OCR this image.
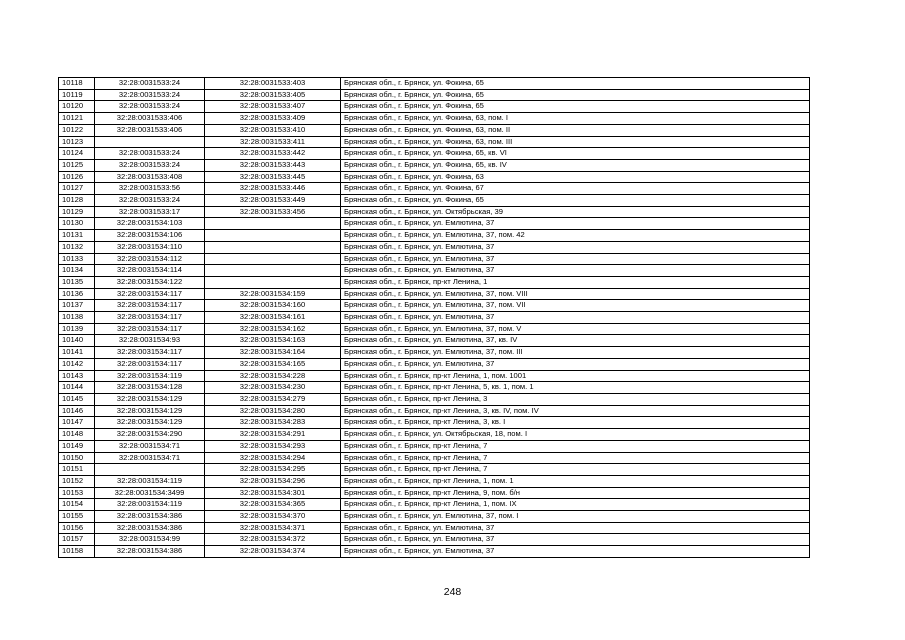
10118	32:28:0031533:24	32:28:0031533:403	Брянская обл., г. Брянск, ул. Фокина, 65
10119	32:28:0031533:24	32:28:0031533:405	Брянская обл., г. Брянск, ул. Фокина, 65
10120	32:28:0031533:24	32:28:0031533:407	Брянская обл., г. Брянск, ул. Фокина, 65
10121	32:28:0031533:406	32:28:0031533:409	Брянская обл., г. Брянск, ул. Фокина, 63, пом. I
10122	32:28:0031533:406	32:28:0031533:410	Брянская обл., г. Брянск, ул. Фокина, 63, пом. II
10123		32:28:0031533:411	Брянская обл., г. Брянск, ул. Фокина, 63, пом. III
10124	32:28:0031533:24	32:28:0031533:442	Брянская обл., г. Брянск, ул. Фокина, 65, кв. VI
10125	32:28:0031533:24	32:28:0031533:443	Брянская обл., г. Брянск, ул. Фокина, 65, кв. IV
10126	32:28:0031533:408	32:28:0031533:445	Брянская обл., г. Брянск, ул. Фокина, 63
10127	32:28:0031533:56	32:28:0031533:446	Брянская обл., г. Брянск, ул. Фокина, 67
10128	32:28:0031533:24	32:28:0031533:449	Брянская обл., г. Брянск, ул. Фокина, 65
10129	32:28:0031533:17	32:28:0031533:456	Брянская обл., г. Брянск, ул. Октябрьская, 39
10130	32:28:0031534:103		Брянская обл., г. Брянск, ул. Емлютина, 37
10131	32:28:0031534:106		Брянская обл., г. Брянск, ул. Емлютина, 37, пом. 42
10132	32:28:0031534:110		Брянская обл., г. Брянск, ул. Емлютина, 37
10133	32:28:0031534:112		Брянская обл., г. Брянск, ул. Емлютина, 37
10134	32:28:0031534:114		Брянская обл., г. Брянск, ул. Емлютина, 37
10135	32:28:0031534:122		Брянская обл., г. Брянск, пр-кт Ленина, 1
10136	32:28:0031534:117	32:28:0031534:159	Брянская обл., г. Брянск, ул. Емлютина, 37, пом. VIII
10137	32:28:0031534:117	32:28:0031534:160	Брянская обл., г. Брянск, ул. Емлютина, 37, пом. VII
10138	32:28:0031534:117	32:28:0031534:161	Брянская обл., г. Брянск, ул. Емлютина, 37
10139	32:28:0031534:117	32:28:0031534:162	Брянская обл., г. Брянск, ул. Емлютина, 37, пом. V
10140	32:28:0031534:93	32:28:0031534:163	Брянская обл., г. Брянск, ул. Емлютина, 37, кв. IV
10141	32:28:0031534:117	32:28:0031534:164	Брянская обл., г. Брянск, ул. Емлютина, 37, пом. III
10142	32:28:0031534:117	32:28:0031534:165	Брянская обл., г. Брянск, ул. Емлютина, 37
10143	32:28:0031534:119	32:28:0031534:228	Брянская обл., г. Брянск, пр-кт Ленина, 1, пом. 1001
10144	32:28:0031534:128	32:28:0031534:230	Брянская обл., г. Брянск, пр-кт Ленина, 5, кв. 1, пом. 1
10145	32:28:0031534:129	32:28:0031534:279	Брянская обл., г. Брянск, пр-кт Ленина, 3
10146	32:28:0031534:129	32:28:0031534:280	Брянская обл., г. Брянск, пр-кт Ленина, 3, кв. IV, пом. IV
10147	32:28:0031534:129	32:28:0031534:283	Брянская обл., г. Брянск, пр-кт Ленина, 3, кв. I
10148	32:28:0031534:290	32:28:0031534:291	Брянская обл., г. Брянск, ул. Октябрьская, 18, пом. I
10149	32:28:0031534:71	32:28:0031534:293	Брянская обл., г. Брянск, пр-кт Ленина, 7
10150	32:28:0031534:71	32:28:0031534:294	Брянская обл., г. Брянск, пр-кт Ленина, 7
10151		32:28:0031534:295	Брянская обл., г. Брянск, пр-кт Ленина, 7
10152	32:28:0031534:119	32:28:0031534:296	Брянская обл., г. Брянск, пр-кт Ленина, 1, пом. 1
10153	32:28:0031534:3499	32:28:0031534:301	Брянская обл., г. Брянск, пр-кт Ленина, 9, пом. б/н
10154	32:28:0031534:119	32:28:0031534:365	Брянская обл., г. Брянск, пр-кт Ленина, 1, пом. IX
10155	32:28:0031534:386	32:28:0031534:370	Брянская обл., г. Брянск, ул. Емлютина, 37, пом. I
10156	32:28:0031534:386	32:28:0031534:371	Брянская обл., г. Брянск, ул. Емлютина, 37
10157	32:28:0031534:99	32:28:0031534:372	Брянская обл., г. Брянск, ул. Емлютина, 37
10158	32:28:0031534:386	32:28:0031534:374	Брянская обл., г. Брянск, ул. Емлютина, 37
248
